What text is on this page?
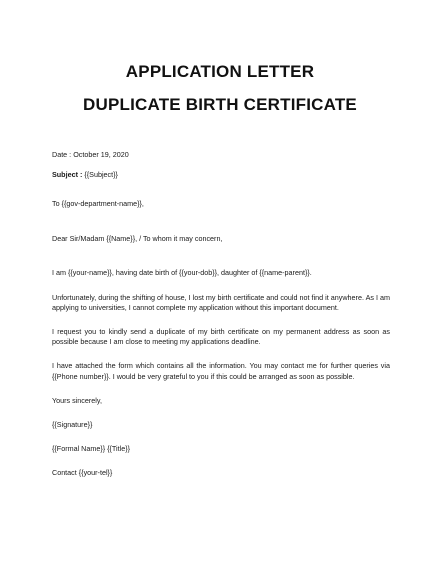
APPLICATION LETTER
DUPLICATE BIRTH CERTIFICATE

Date : October 19, 2020

Subject : {{Subject}}

To {{gov-department-name}},

Dear Sir/Madam {{Name}}, / To whom it may concern,

I am {{your-name}}, having date birth of {{your-dob}}, daughter of {{name-parent}}.

Unfortunately, during the shifting of house, I lost my birth certificate and could not find it anywhere. As I am applying to universities, I cannot complete my application without this important document.

I request you to kindly send a duplicate of my birth certificate on my permanent address as soon as possible because I am close to meeting my applications deadline.

I have attached the form which contains all the information. You may contact me for further queries via {{Phone number}}. I would be very grateful to you if this could be arranged as soon as possible.

Yours sincerely,

{{Signature}}

{{Formal Name}} {{Title}}

Contact {{your-tel}}
